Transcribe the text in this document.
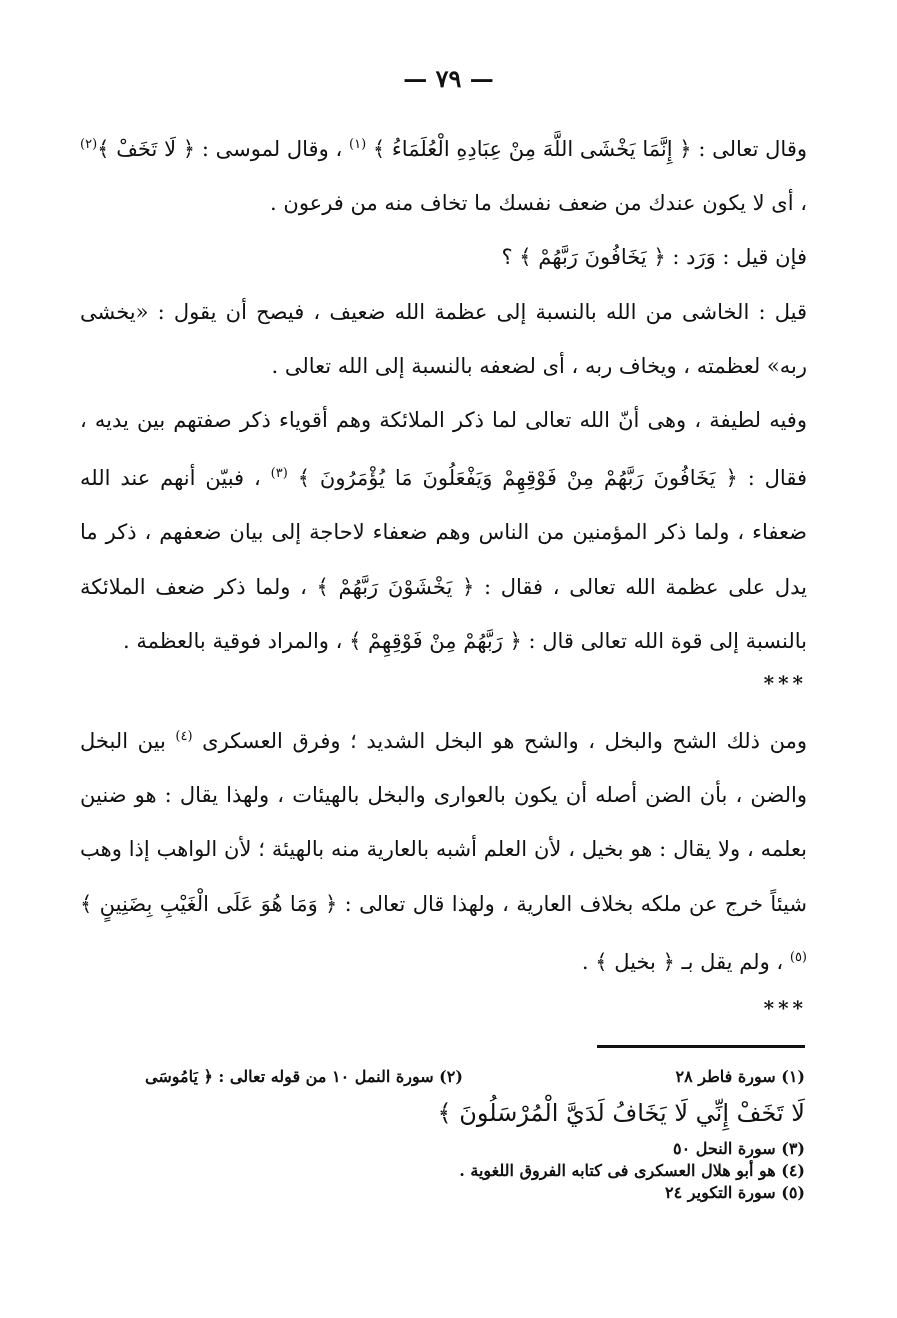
— ٧٩ —

وقال تعالى : ﴿ إِنَّمَا يَخْشَى اللَّهَ مِنْ عِبَادِهِ الْعُلَمَاءُ ﴾ $^{(١)}$ ، وقال لموسى : ﴿ لَا تَخَفْ ﴾$^{(٢)}$ ، أى لا يكون عندك من ضعف نفسك ما تخاف منه من فرعون .

فإن قيل : وَرَد : ﴿ يَخَافُونَ رَبَّهُمْ ﴾ ؟

قيل : الخاشى من الله بالنسبة إلى عظمة الله ضعيف ، فيصح أن يقول : «يخشى ربه» لعظمته ، ويخاف ربه ، أى لضعفه بالنسبة إلى الله تعالى .

وفيه لطيفة ، وهى أنّ الله تعالى لما ذكر الملائكة وهم أقوياء ذكر صفتهم بين يديه ، فقال : ﴿ يَخَافُونَ رَبَّهُمْ مِنْ فَوْقِهِمْ وَيَفْعَلُونَ مَا يُؤْمَرُونَ ﴾ $^{(٣)}$ ، فبيّن أنهم عند الله ضعفاء ، ولما ذكر المؤمنين من الناس وهم ضعفاء لاحاجة إلى بيان ضعفهم ، ذكر ما يدل على عظمة الله تعالى ، فقال : ﴿ يَخْشَوْنَ رَبَّهُمْ ﴾ ، ولما ذكر ضعف الملائكة بالنسبة إلى قوة الله تعالى قال : ﴿ رَبَّهُمْ مِنْ فَوْقِهِمْ ﴾ ، والمراد فوقية بالعظمة .

***

ومن ذلك الشح والبخل ، والشح هو البخل الشديد ؛ وفرق العسكرى $^{(٤)}$ بين البخل والضن ، بأن الضن أصله أن يكون بالعوارى والبخل بالهيئات ، ولهذا يقال : هو ضنين بعلمه ، ولا يقال : هو بخيل ، لأن العلم أشبه بالعارية منه بالهيئة ؛ لأن الواهب إذا وهب شيئاً خرج عن ملكه بخلاف العارية ، ولهذا قال تعالى : ﴿ وَمَا هُوَ عَلَى الْغَيْبِ بِضَنِينٍ ﴾ $^{(٥)}$ ، ولم يقل بـ ﴿ بخيل ﴾ .

***
(١) سورة فاطر ٢٨
(٢) سورة النمل ١٠ من قوله تعالى : ﴿ يَامُوسَى
لَا تَخَفْ إِنِّي لَا يَخَافُ لَدَيَّ الْمُرْسَلُونَ ﴾
(٣) سورة النحل ٥٠
(٤) هو أبو هلال العسكرى فى كتابه الفروق اللغوية .
(٥) سورة التكوير ٢٤
